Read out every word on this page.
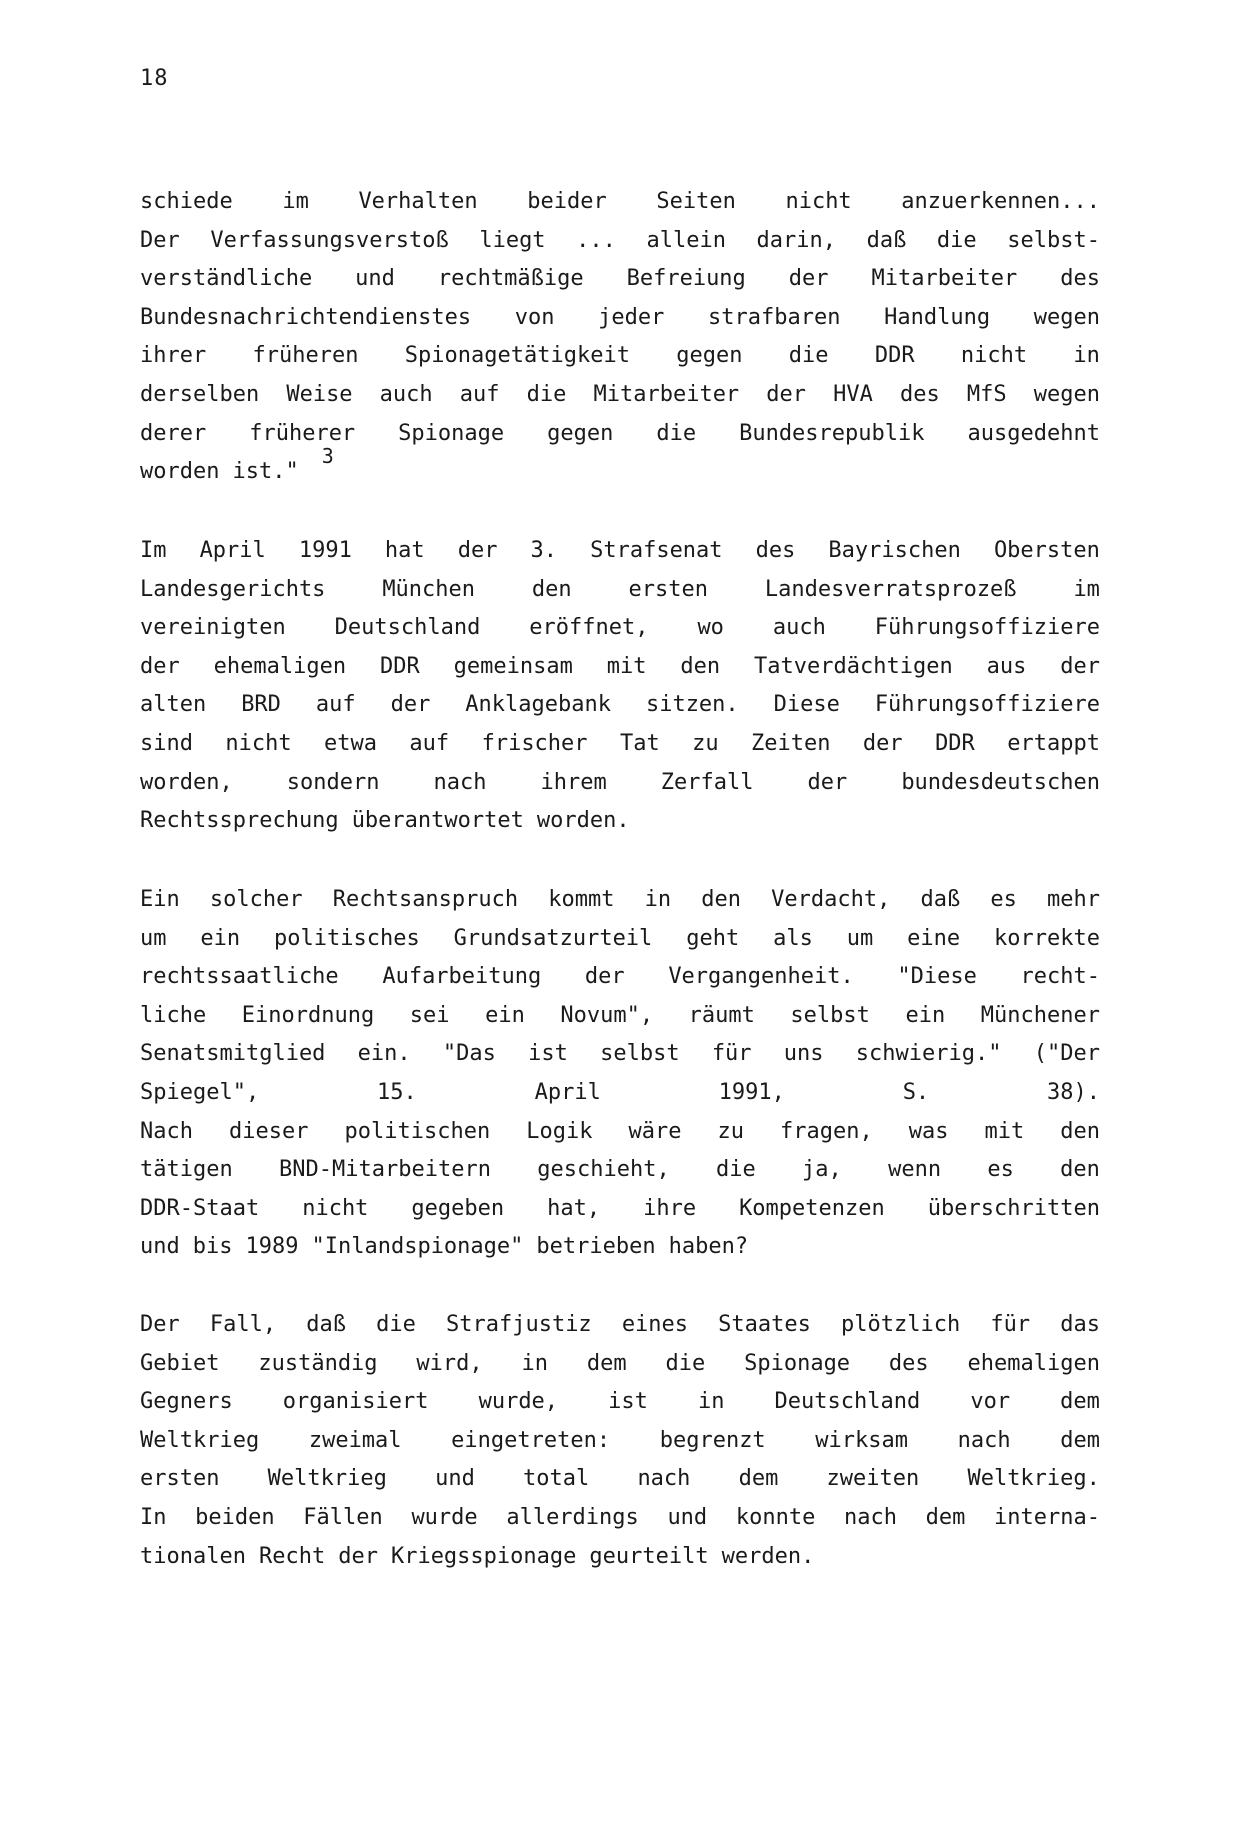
18
schiede im Verhalten beider Seiten nicht anzuerkennen...
Der Verfassungsverstoß liegt ... allein darin, daß die selbst-
verständliche und rechtmäßige Befreiung der Mitarbeiter des
Bundesnachrichtendienstes von jeder strafbaren Handlung wegen
ihrer früheren Spionagetätigkeit gegen die DDR nicht in
derselben Weise auch auf die Mitarbeiter der HVA des MfS wegen
derer früherer Spionage gegen die Bundesrepublik ausgedehnt
worden ist."
$^3$
Im April 1991 hat der 3. Strafsenat des Bayrischen Obersten
Landesgerichts	München	den	ersten	Landesverratsprozeß	im
vereinigten Deutschland eröffnet, wo auch Führungsoffiziere
der ehemaligen DDR gemeinsam mit den Tatverdächtigen aus der
alten BRD auf der Anklagebank sitzen. Diese Führungsoffiziere
sind nicht etwa auf frischer Tat zu Zeiten der DDR ertappt
worden, sondern nach ihrem Zerfall der bundesdeutschen
Rechtssprechung überantwortet worden.
Ein solcher Rechtsanspruch kommt in den Verdacht, daß es mehr
um ein politisches Grundsatzurteil geht als um eine korrekte
rechtssaatliche Aufarbeitung der Vergangenheit. "Diese recht-
liche Einordnung sei ein Novum", räumt selbst ein Münchener
Senatsmitglied ein. "Das ist selbst für uns schwierig." ("Der
Spiegel",	15.	April	1991,	S.	38).
Nach dieser politischen Logik wäre zu fragen, was mit den
tätigen BND-Mitarbeitern geschieht, die ja, wenn es den
DDR-Staat nicht gegeben hat, ihre Kompetenzen überschritten
und bis 1989 "Inlandspionage" betrieben haben?
Der Fall, daß die Strafjustiz eines Staates plötzlich für das
Gebiet zuständig wird, in dem die Spionage des ehemaligen
Gegners organisiert wurde, ist in Deutschland vor dem
Weltkrieg zweimal eingetreten: begrenzt wirksam nach dem
ersten Weltkrieg und total nach dem zweiten Weltkrieg.
In beiden Fällen wurde allerdings und konnte nach dem interna-
tionalen Recht der Kriegsspionage geurteilt werden.
